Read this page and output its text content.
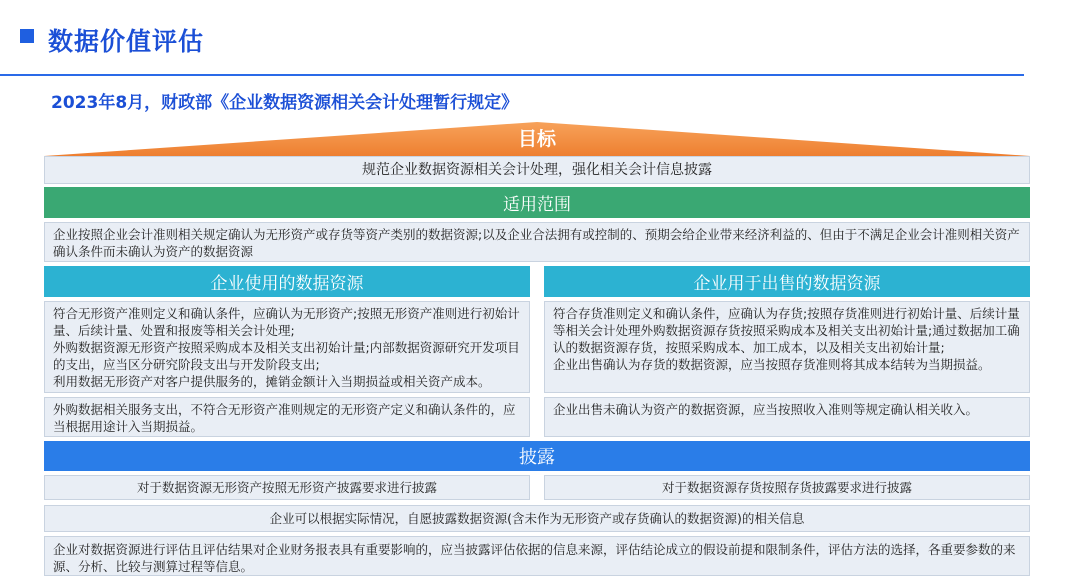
数据价值评估
2023年8月，财政部《企业数据资源相关会计处理暂行规定》
目标
规范企业数据资源相关会计处理，强化相关会计信息披露
适用范围
企业按照企业会计准则相关规定确认为无形资产或存货等资产类别的数据资源;以及企业合法拥有或控制的、预期会给企业带来经济利益的、但由于不满足企业会计准则相关资产确认条件而未确认为资产的数据资源
企业使用的数据资源
符合无形资产准则定义和确认条件，应确认为无形资产;按照无形资产准则进行初始计量、后续计量、处置和报废等相关会计处理;
外购数据资源无形资产按照采购成本及相关支出初始计量;内部数据资源研究开发项目的支出，应当区分研究阶段支出与开发阶段支出;
利用数据无形资产对客户提供服务的，摊销金额计入当期损益或相关资产成本。
外购数据相关服务支出，不符合无形资产准则规定的无形资产定义和确认条件的，应当根据用途计入当期损益。
企业用于出售的数据资源
符合存货准则定义和确认条件，应确认为存货;按照存货准则进行初始计量、后续计量等相关会计处理外购数据资源存货按照采购成本及相关支出初始计量;通过数据加工确认的数据资源存货，按照采购成本、加工成本，以及相关支出初始计量;
企业出售确认为存货的数据资源，应当按照存货准则将其成本结转为当期损益。
企业出售未确认为资产的数据资源，应当按照收入准则等规定确认相关收入。
披露
对于数据资源无形资产按照无形资产披露要求进行披露	对于数据资源存货按照存货披露要求进行披露
企业可以根据实际情况，自愿披露数据资源(含未作为无形资产或存货确认的数据资源)的相关信息
企业对数据资源进行评估且评估结果对企业财务报表具有重要影响的，应当披露评估依据的信息来源，评估结论成立的假设前提和限制条件，评估方法的选择，各重要参数的来源、分析、比较与测算过程等信息。
